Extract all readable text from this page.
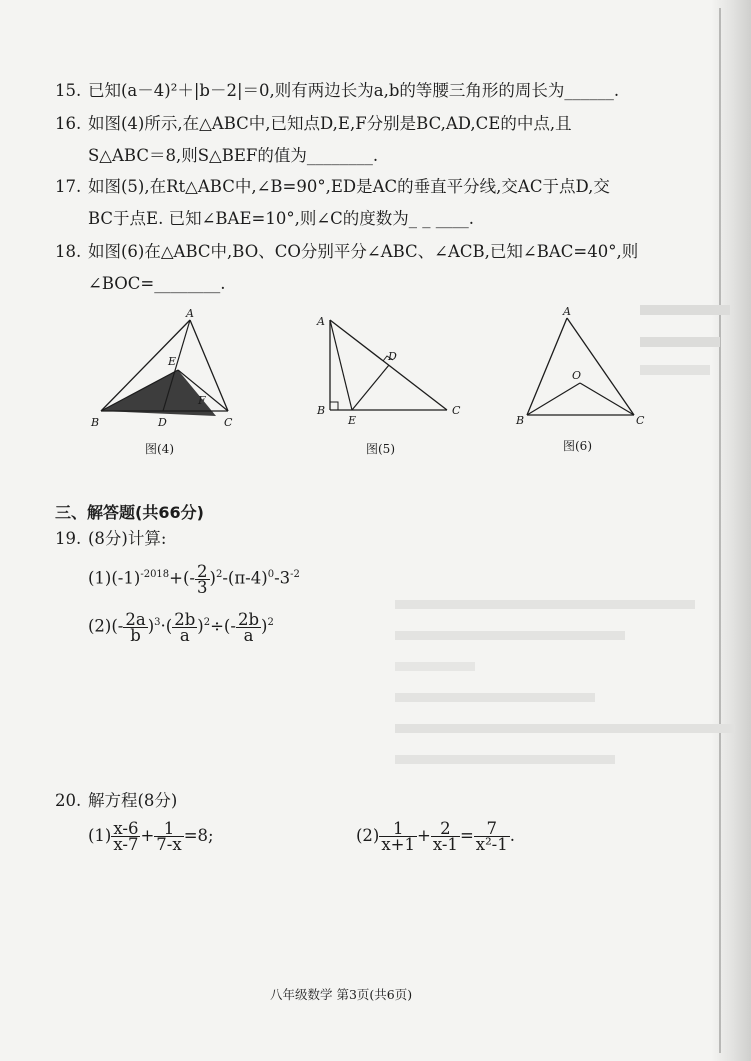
15. 已知(a－4)²＋|b－2|＝0,则有两边长为a,b的等腰三角形的周长为______.
16. 如图(4)所示,在△ABC中,已知点D,E,F分别是BC,AD,CE的中点,且
S△ABC＝8,则S△BEF的值为________.
17. 如图(5),在Rt△ABC中,∠B=90°,ED是AC的垂直平分线,交AC于点D,交
BC于点E. 已知∠BAE=10°,则∠C的度数为_ _ ____.
18. 如图(6)在△ABC中,BO、CO分别平分∠ABC、∠ACB,已知∠BAC=40°,则
∠BOC=________.
A
B	C
D
E
F
图(4)
A
B	C
D
E
图(5)
A
B	C
O
图(6)
三、解答题(共66分)
19. (8分)计算:
$(1)(-1)^{-2018}+(- \frac{2}{3} )^2-(\pi-4)^0-3^{-2}$
$(2)(- \frac{2a}{b} )^3\cdot( \frac{2b}{a} )^2\div(- \frac{2b}{a} )^2$
20. 解方程(8分)
$(1) \frac{x-6}{x-7} + \frac{1}{7-x} =8$;	$(2) \frac{1}{x+1} + \frac{2}{x-1} = \frac{7}{\text{x²-1}}$ .
八年级数学 第3页(共6页)
